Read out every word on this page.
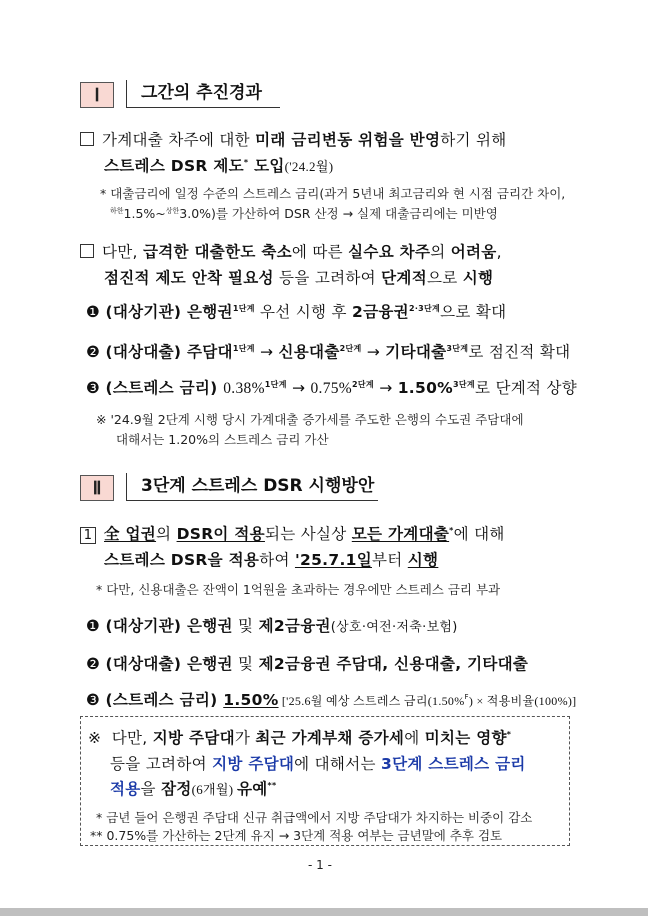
Ⅰ	그간의 추진경과
가계대출 차주에 대한 미래 금리변동 위험을 반영하기 위해
스트레스 DSR 제도* 도입('24.2월)
* 대출금리에 일정 수준의 스트레스 금리(과거 5년내 최고금리와 현 시점 금리간 차이,
$^{하한}$1.5%~$^{상한}$3.0%)를 가산하여 DSR 산정 → 실제 대출금리에는 미반영
다만, 급격한 대출한도 축소에 따른 실수요 차주의 어려움,
점진적 제도 안착 필요성 등을 고려하여 단계적으로 시행
❶ (대상기관) 은행권$^{1단계}$ 우선 시행 후 2금융권$^{2\cdot 3단계}$으로 확대
❷ (대상대출) 주담대$^{1단계}$ → 신용대출$^{2단계}$ → 기타대출$^{3단계}$로 점진적 확대
❸ (스트레스 금리) 0.38%$^{1단계}$ → 0.75%$^{2단계}$ → 1.50%$^{3단계}$로 단계적 상향
※ '24.9월 2단계 시행 당시 가계대출 증가세를 주도한 은행의 수도권 주담대에
대해서는 1.20%의 스트레스 금리 가산
Ⅱ	3단계 스트레스 DSR 시행방안
1 全 업권의 DSR이 적용되는 사실상 모든 가계대출*에 대해
스트레스 DSR을 적용하여 '25.7.1일부터 시행
* 다만, 신용대출은 잔액이 1억원을 초과하는 경우에만 스트레스 금리 부과
❶ (대상기관) 은행권 및 제2금융권(상호·여전·저축·보험)
❷ (대상대출) 은행권 및 제2금융권 주담대, 신용대출, 기타대출
❸ (스트레스 금리) 1.50% ['25.6월 예상 스트레스 금리(1.50%$^F$) × 적용비율(100%)]
※ 다만, 지방 주담대가 최근 가계부채 증가세에 미치는 영향*
등을 고려하여 지방 주담대에 대해서는 3단계 스트레스 금리
적용을 잠정(6개월) 유예**
* 금년 들어 은행권 주담대 신규 취급액에서 지방 주담대가 차지하는 비중이 감소
** 0.75%를 가산하는 2단계 유지 → 3단계 적용 여부는 금년말에 추후 검토
- 1 -
